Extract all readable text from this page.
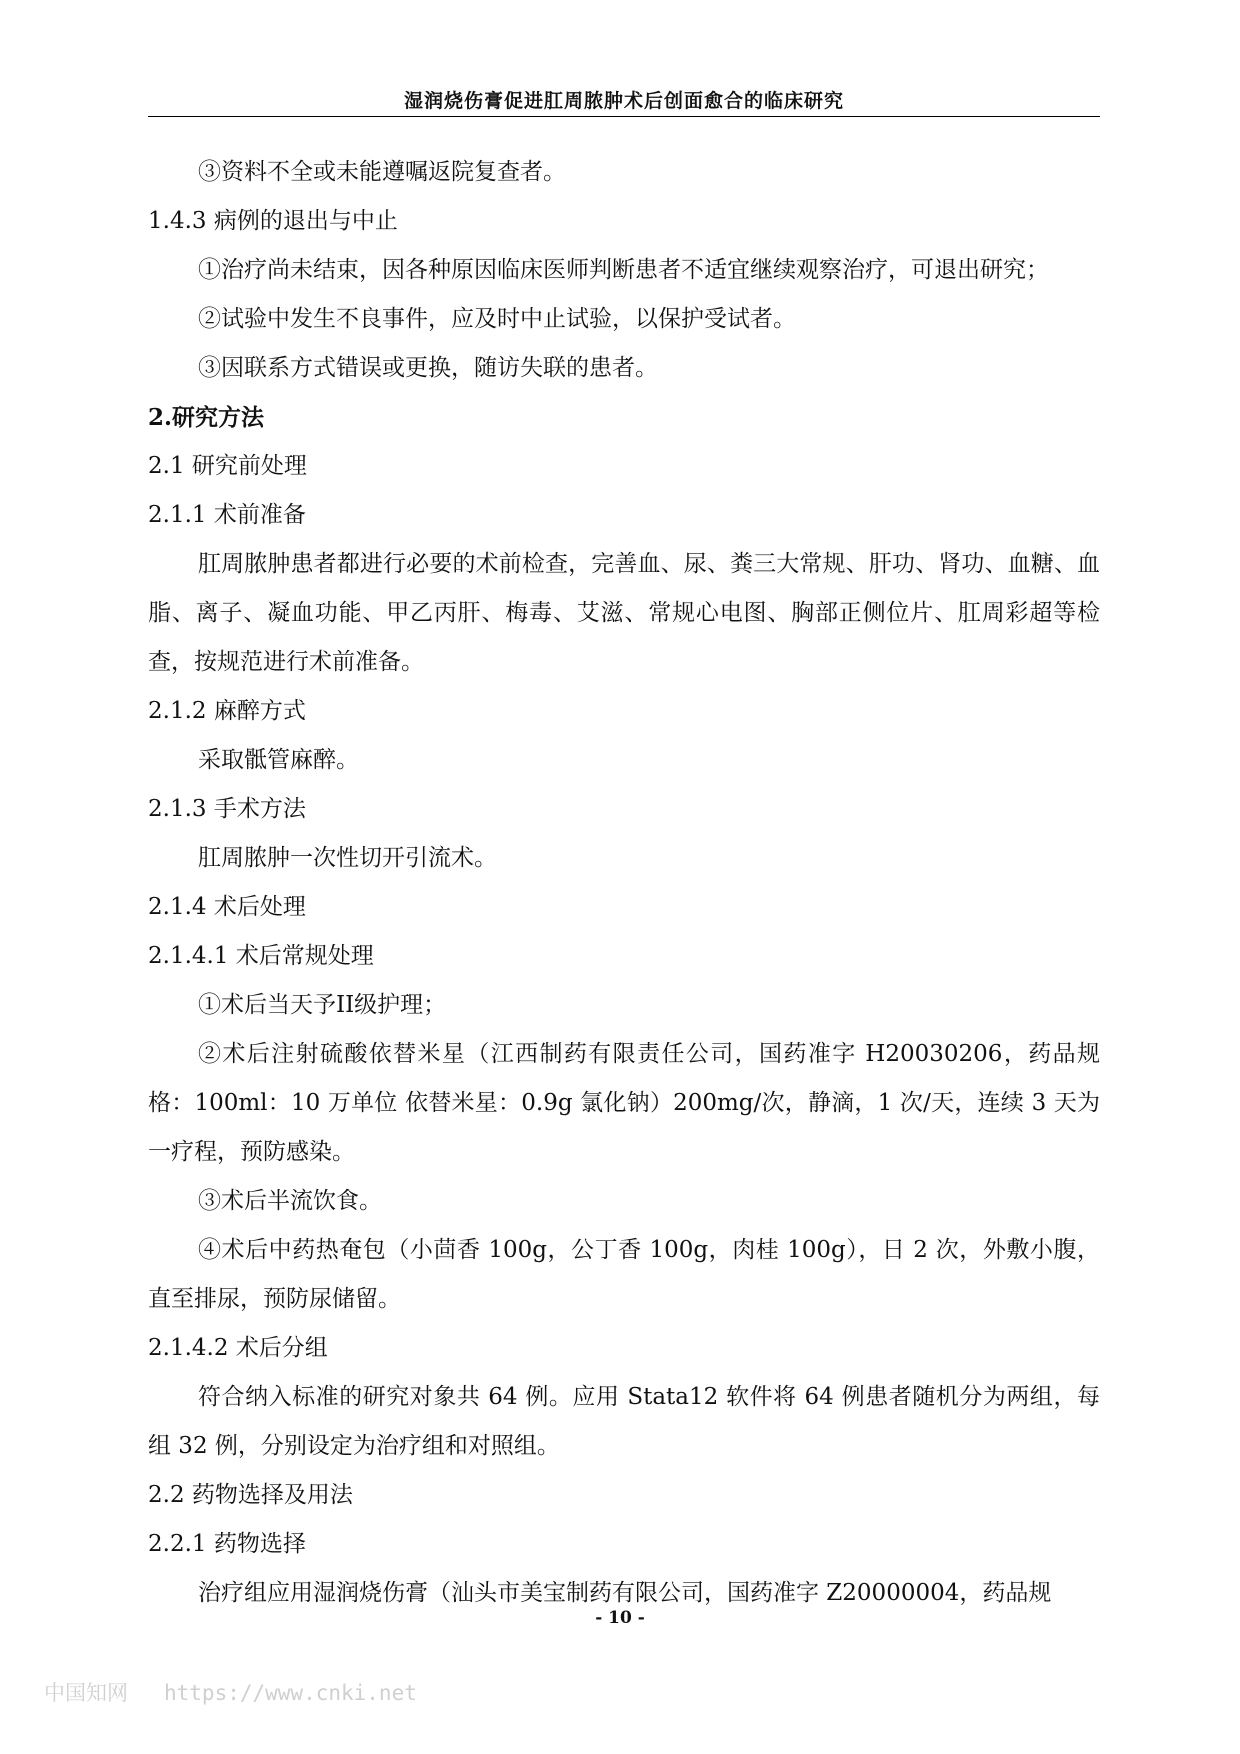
湿润烧伤膏促进肛周脓肿术后创面愈合的临床研究
③资料不全或未能遵嘱返院复查者。
1.4.3 病例的退出与中止
①治疗尚未结束，因各种原因临床医师判断患者不适宜继续观察治疗，可退出研究；
②试验中发生不良事件，应及时中止试验，以保护受试者。
③因联系方式错误或更换，随访失联的患者。
2.研究方法
2.1 研究前处理
2.1.1 术前准备
肛周脓肿患者都进行必要的术前检查，完善血、尿、粪三大常规、肝功、肾功、血糖、血脂、离子、凝血功能、甲乙丙肝、梅毒、艾滋、常规心电图、胸部正侧位片、肛周彩超等检查，按规范进行术前准备。
2.1.2 麻醉方式
采取骶管麻醉。
2.1.3 手术方法
肛周脓肿一次性切开引流术。
2.1.4 术后处理
2.1.4.1 术后常规处理
①术后当天予II级护理；
②术后注射硫酸依替米星（江西制药有限责任公司，国药准字 H20030206，药品规格：100ml：10 万单位 依替米星：0.9g 氯化钠）200mg/次，静滴，1 次/天，连续 3 天为一疗程，预防感染。
③术后半流饮食。
④术后中药热奄包（小茴香 100g，公丁香 100g，肉桂 100g），日 2 次，外敷小腹，直至排尿，预防尿储留。
2.1.4.2 术后分组
符合纳入标准的研究对象共 64 例。应用 Stata12 软件将 64 例患者随机分为两组，每组 32 例，分别设定为治疗组和对照组。
2.2 药物选择及用法
2.2.1 药物选择
治疗组应用湿润烧伤膏（汕头市美宝制药有限公司，国药准字 Z20000004，药品规
- 10 -
中国知网 https://www.cnki.net
